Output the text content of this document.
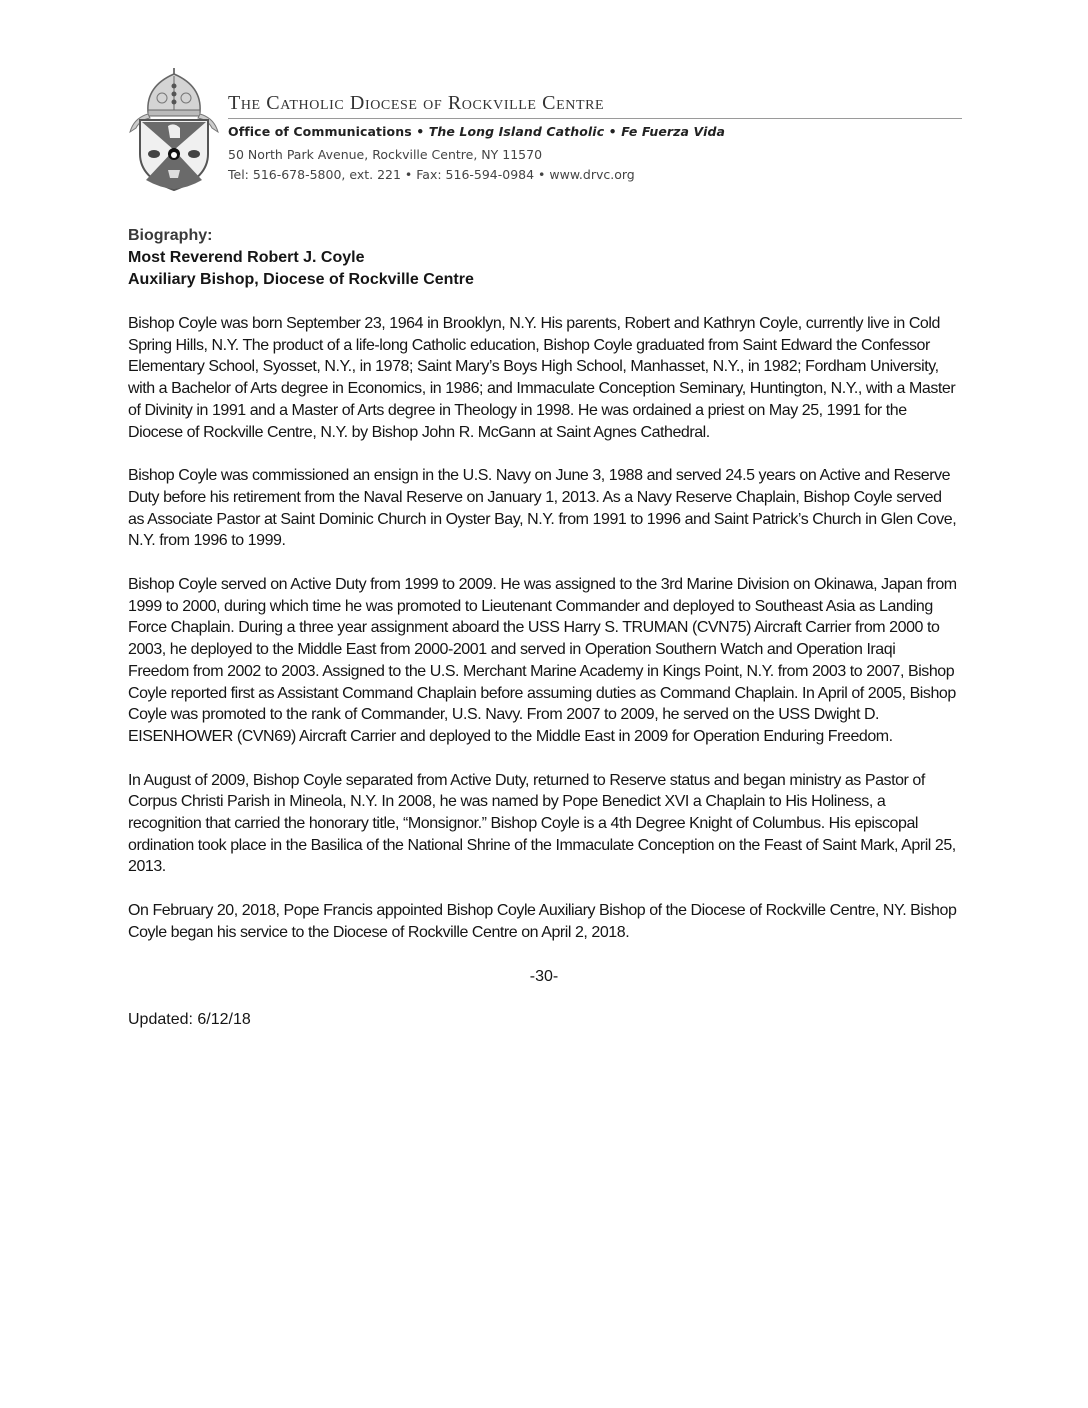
The Catholic Diocese of Rockville Centre
Office of Communications • The Long Island Catholic • Fe Fuerza Vida
50 North Park Avenue, Rockville Centre, NY 11570
Tel: 516-678-5800, ext. 221 • Fax: 516-594-0984 • www.drvc.org
Biography:
Most Reverend Robert J. Coyle
Auxiliary Bishop, Diocese of Rockville Centre

Bishop Coyle was born September 23, 1964 in Brooklyn, N.Y. His parents, Robert and Kathryn Coyle, currently live in Cold Spring Hills, N.Y. The product of a life-long Catholic education, Bishop Coyle graduated from Saint Edward the Confessor Elementary School, Syosset, N.Y., in 1978; Saint Mary’s Boys High School, Manhasset, N.Y., in 1982; Fordham University, with a Bachelor of Arts degree in Economics, in 1986; and Immaculate Conception Seminary, Huntington, N.Y., with a Master of Divinity in 1991 and a Master of Arts degree in Theology in 1998. He was ordained a priest on May 25, 1991 for the Diocese of Rockville Centre, N.Y. by Bishop John R. McGann at Saint Agnes Cathedral.

Bishop Coyle was commissioned an ensign in the U.S. Navy on June 3, 1988 and served 24.5 years on Active and Reserve Duty before his retirement from the Naval Reserve on January 1, 2013. As a Navy Reserve Chaplain, Bishop Coyle served as Associate Pastor at Saint Dominic Church in Oyster Bay, N.Y. from 1991 to 1996 and Saint Patrick’s Church in Glen Cove, N.Y. from 1996 to 1999.

Bishop Coyle served on Active Duty from 1999 to 2009. He was assigned to the 3rd Marine Division on Okinawa, Japan from 1999 to 2000, during which time he was promoted to Lieutenant Commander and deployed to Southeast Asia as Landing Force Chaplain. During a three year assignment aboard the USS Harry S. TRUMAN (CVN75) Aircraft Carrier from 2000 to 2003, he deployed to the Middle East from 2000-2001 and served in Operation Southern Watch and Operation Iraqi Freedom from 2002 to 2003. Assigned to the U.S. Merchant Marine Academy in Kings Point, N.Y. from 2003 to 2007, Bishop Coyle reported first as Assistant Command Chaplain before assuming duties as Command Chaplain. In April of 2005, Bishop Coyle was promoted to the rank of Commander, U.S. Navy. From 2007 to 2009, he served on the USS Dwight D. EISENHOWER (CVN69) Aircraft Carrier and deployed to the Middle East in 2009 for Operation Enduring Freedom.

In August of 2009, Bishop Coyle separated from Active Duty, returned to Reserve status and began ministry as Pastor of Corpus Christi Parish in Mineola, N.Y. In 2008, he was named by Pope Benedict XVI a Chaplain to His Holiness, a recognition that carried the honorary title, “Monsignor.” Bishop Coyle is a 4th Degree Knight of Columbus. His episcopal ordination took place in the Basilica of the National Shrine of the Immaculate Conception on the Feast of Saint Mark, April 25, 2013.

On February 20, 2018, Pope Francis appointed Bishop Coyle Auxiliary Bishop of the Diocese of Rockville Centre, NY. Bishop Coyle began his service to the Diocese of Rockville Centre on April 2, 2018.

-30-
Updated: 6/12/18
